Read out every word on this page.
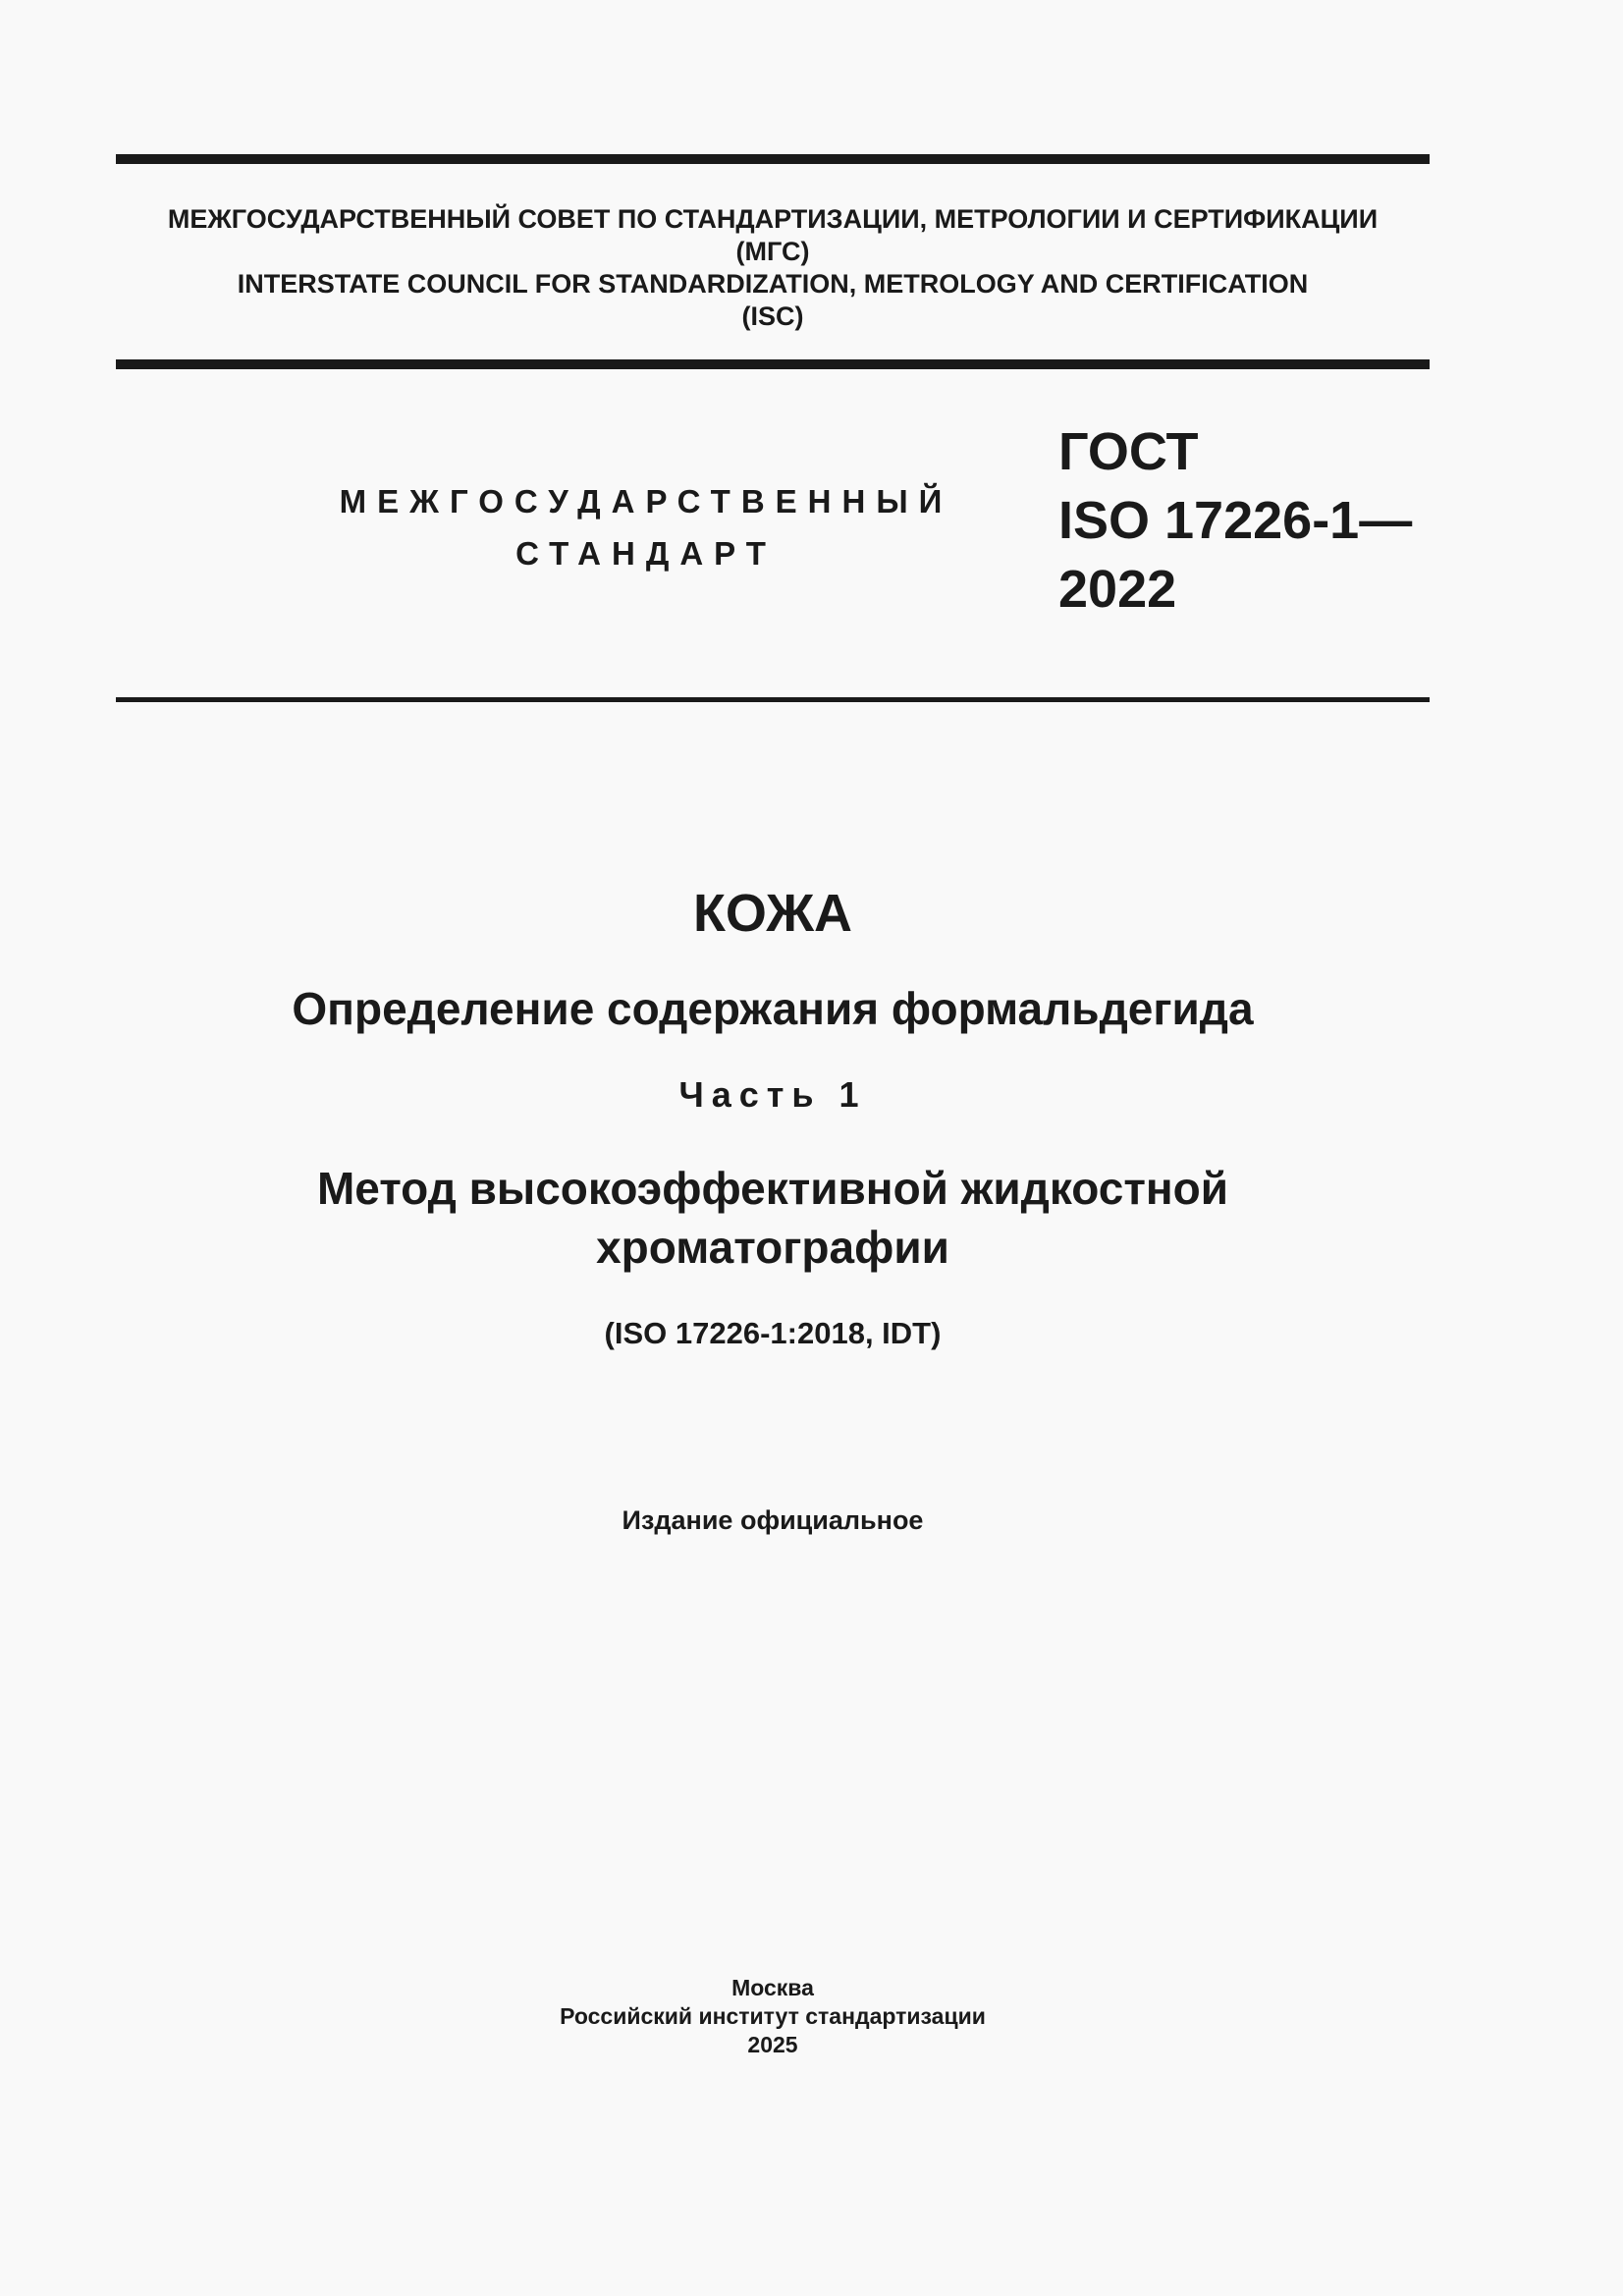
МЕЖГОСУДАРСТВЕННЫЙ СОВЕТ ПО СТАНДАРТИЗАЦИИ, МЕТРОЛОГИИ И СЕРТИФИКАЦИИ
(МГС)
INTERSTATE COUNCIL FOR STANDARDIZATION, METROLOGY AND CERTIFICATION
(ISC)
МЕЖГОСУДАРСТВЕННЫЙ
СТАНДАРТ
ГОСТ
ISO 17226-1—
2022
КОЖА
Определение содержания формальдегида
Часть 1
Метод высокоэффективной жидкостной
хроматографии
(ISO 17226-1:2018, IDT)
Издание официальное
Москва
Российский институт стандартизации
2025
